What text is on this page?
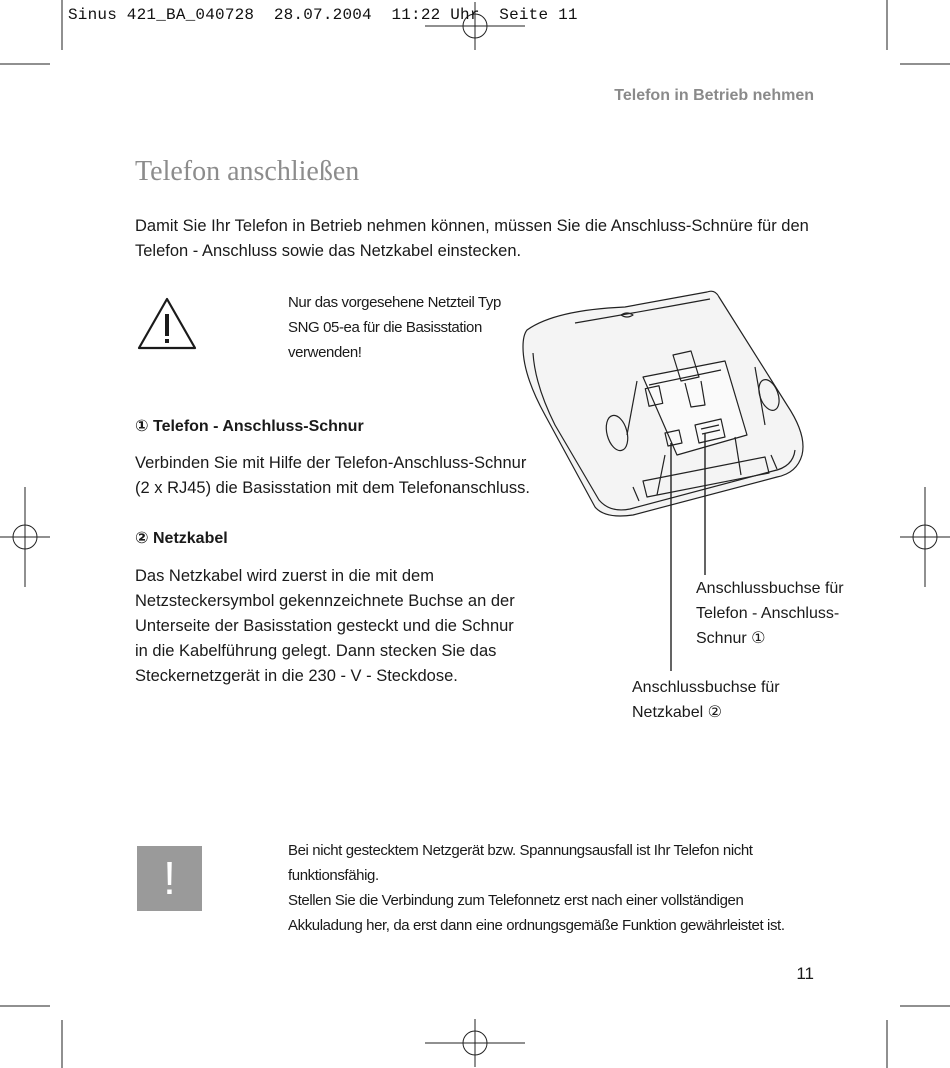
Sinus 421_BA_040728  28.07.2004  11:22 Uhr  Seite 11
Telefon in Betrieb nehmen
Telefon anschließen
Damit Sie Ihr Telefon in Betrieb nehmen können, müssen Sie die Anschluss-Schnüre für den Telefon - Anschluss sowie das Netzkabel einstecken.
Nur das vorgesehene Netzteil Typ SNG 05-ea für die Basisstation verwenden!
① Telefon - Anschluss-Schnur
Verbinden Sie mit Hilfe der Telefon-Anschluss-Schnur (2 x RJ45) die Basisstation mit dem Telefonanschluss.
② Netzkabel
Das Netzkabel wird zuerst in die mit dem Netzsteckersymbol gekennzeichnete Buchse an der Unterseite der Basisstation gesteckt und die Schnur in die Kabelführung gelegt. Dann stecken Sie das Steckernetzgerät in die 230 - V - Steckdose.
Anschlussbuchse für Telefon - Anschluss-Schnur ①
Anschlussbuchse für Netzkabel ②
!
Bei nicht gestecktem Netzgerät bzw. Spannungsausfall ist Ihr Telefon nicht funktionsfähig.
Stellen Sie die Verbindung zum Telefonnetz erst nach einer vollständigen Akkuladung her, da erst dann eine ordnungsgemäße Funktion gewährleistet ist.
11
